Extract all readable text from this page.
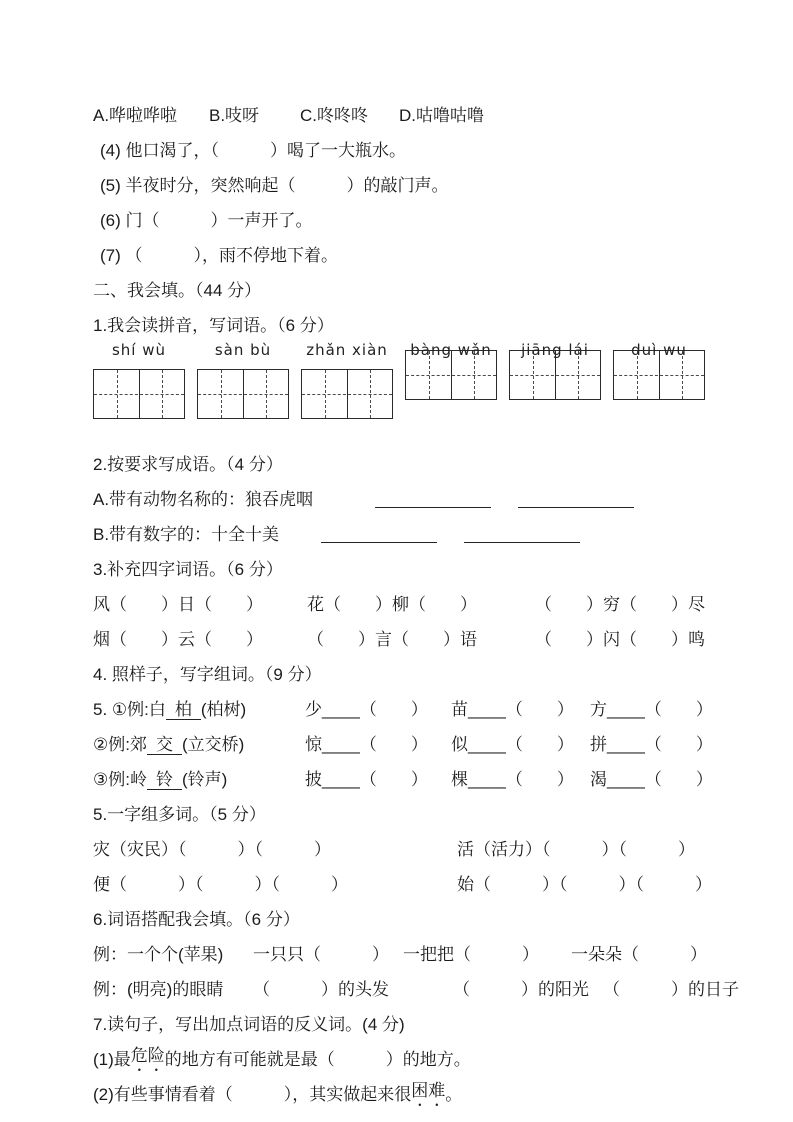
A.哗啦哗啦	B.吱呀	C.咚咚咚	D.咕噜咕噜
(4) 他口渴了，（　　　）喝了一大瓶水。
(5) 半夜时分，突然响起（　　　）的敲门声。
(6) 门（　　　）一声开了。
(7) （　　　），雨不停地下着。
二、我会填。（44 分）
1.我会读拼音，写词语。（6 分）
shí wù	sàn bù zhǎn xiàn bàng wǎn jiāng lái	duì wu
2.按要求写成语。（4 分）
A.带有动物名称的：狼吞虎咽
B.带有数字的：十全十美
3.补充四字词语。（6 分）
风（　　）日（　　）	花（　　）柳（　　）	（　　）穷（　　）尽
烟（　　）云（　　）	（　　）言（　　）语	（　　）闪（　　）鸣
4. 照样子，写字组词。（9 分）
5. ①例:白 柏 (柏树)	少____（　　）	苗____（　　） 方____（　　）
②例:郊 交 (立交桥)	惊____（　　）	似____（　　） 拼____（　　）
③例:岭 铃 (铃声)	披____（　　）	棵____（　　） 渴____（　　）
5.一字组多词。（5 分）
灾（灾民）（　　　）（　　　）	活（活力）（　　　）（　　　）
便（　　　）（　　　）（　　　）	始（　　　）（　　　）（　　　）
6.词语搭配我会填。（6 分）
例：一个个(苹果)	一只只（　　　） 一把把（　　　）	一朵朵（　　　）
例：(明亮)的眼睛	（　　　）的头发	（　　　）的阳光 （　　　）的日子
7.读句子，写出加点词语的反义词。(4 分)
(1)最 危险 的地方有可能就是最（　　　）的地方。
(2)有些事情看着（　　　），其实做起来很 困难 。
